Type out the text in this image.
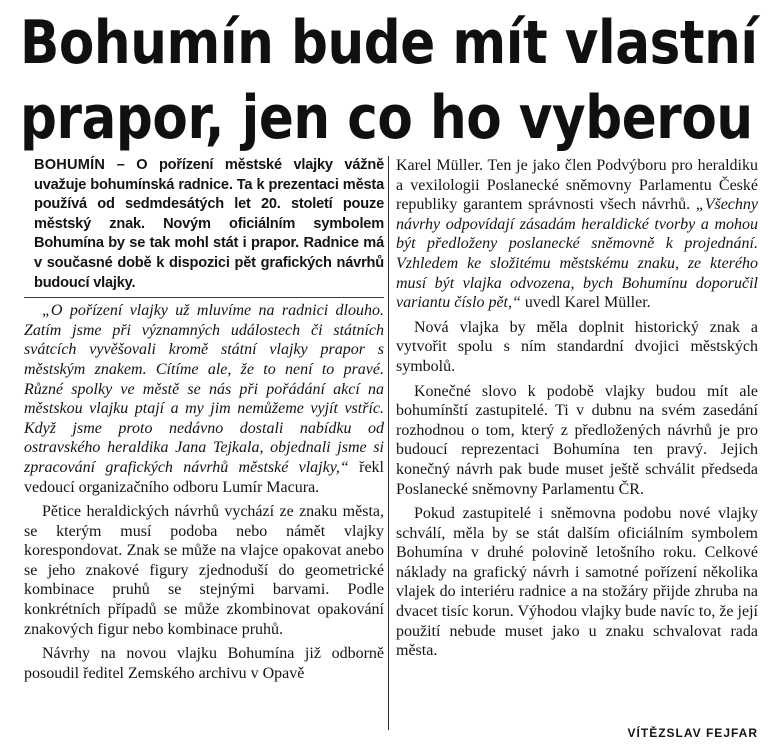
Bohumín bude mít vlastní
prapor, jen co ho vyberou
BOHUMÍN – O pořízení městské vlajky vážně uvažuje bohumínská radnice. Ta k prezentaci města používá od sedmdesátých let 20. století pouze městský znak. Novým oficiálním symbolem Bohumína by se tak mohl stát i prapor. Radnice má v současné době k dispozici pět grafických návrhů budoucí vlajky.

„O pořízení vlajky už mluvíme na radnici dlouho. Zatím jsme při významných událostech či státních svátcích vyvěšovali kromě státní vlajky prapor s městským znakem. Cítíme ale, že to není to pravé. Různé spolky ve městě se nás při pořádání akcí na městskou vlajku ptají a my jim nemůžeme vyjít vstříc. Když jsme proto nedávno dostali nabídku od ostravského heraldika Jana Tejkala, objednali jsme si zpracování grafických návrhů městské vlajky,“ řekl vedoucí organizačního odboru Lumír Macura.

Pětice heraldických návrhů vychází ze znaku města, se kterým musí podoba nebo námět vlajky korespondovat. Znak se může na vlajce opakovat anebo se jeho znakové figury zjednoduší do geometrické kombinace pruhů se stejnými barvami. Podle konkrétních případů se může zkombinovat opakování znakových figur nebo kombinace pruhů.

Návrhy na novou vlajku Bohumína již odborně posoudil ředitel Zemského archivu v Opavě

Karel Müller. Ten je jako člen Podvýboru pro heraldiku a vexilologii Poslanecké sněmovny Parlamentu České republiky garantem správnosti všech návrhů. „Všechny návrhy odpovídají zásadám heraldické tvorby a mohou být předloženy poslanecké sněmovně k projednání. Vzhledem ke složitému městskému znaku, ze kterého musí být vlajka odvozena, bych Bohumínu doporučil variantu číslo pět,“ uvedl Karel Müller.

Nová vlajka by měla doplnit historický znak a vytvořit spolu s ním standardní dvojici městských symbolů.

Konečné slovo k podobě vlajky budou mít ale bohumínští zastupitelé. Ti v dubnu na svém zasedání rozhodnou o tom, který z předložených návrhů je pro budoucí reprezentaci Bohumína ten pravý. Jejich konečný návrh pak bude muset ještě schválit předseda Poslanecké sněmovny Parlamentu ČR.

Pokud zastupitelé i sněmovna podobu nové vlajky schválí, měla by se stát dalším oficiálním symbolem Bohumína v druhé polovině letošního roku. Celkové náklady na grafický návrh i samotné pořízení několika vlajek do interiéru radnice a na stožáry přijde zhruba na dvacet tisíc korun. Výhodou vlajky bude navíc to, že její použití nebude muset jako u znaku schvalovat rada města.

VÍTĚZSLAV FEJFAR
